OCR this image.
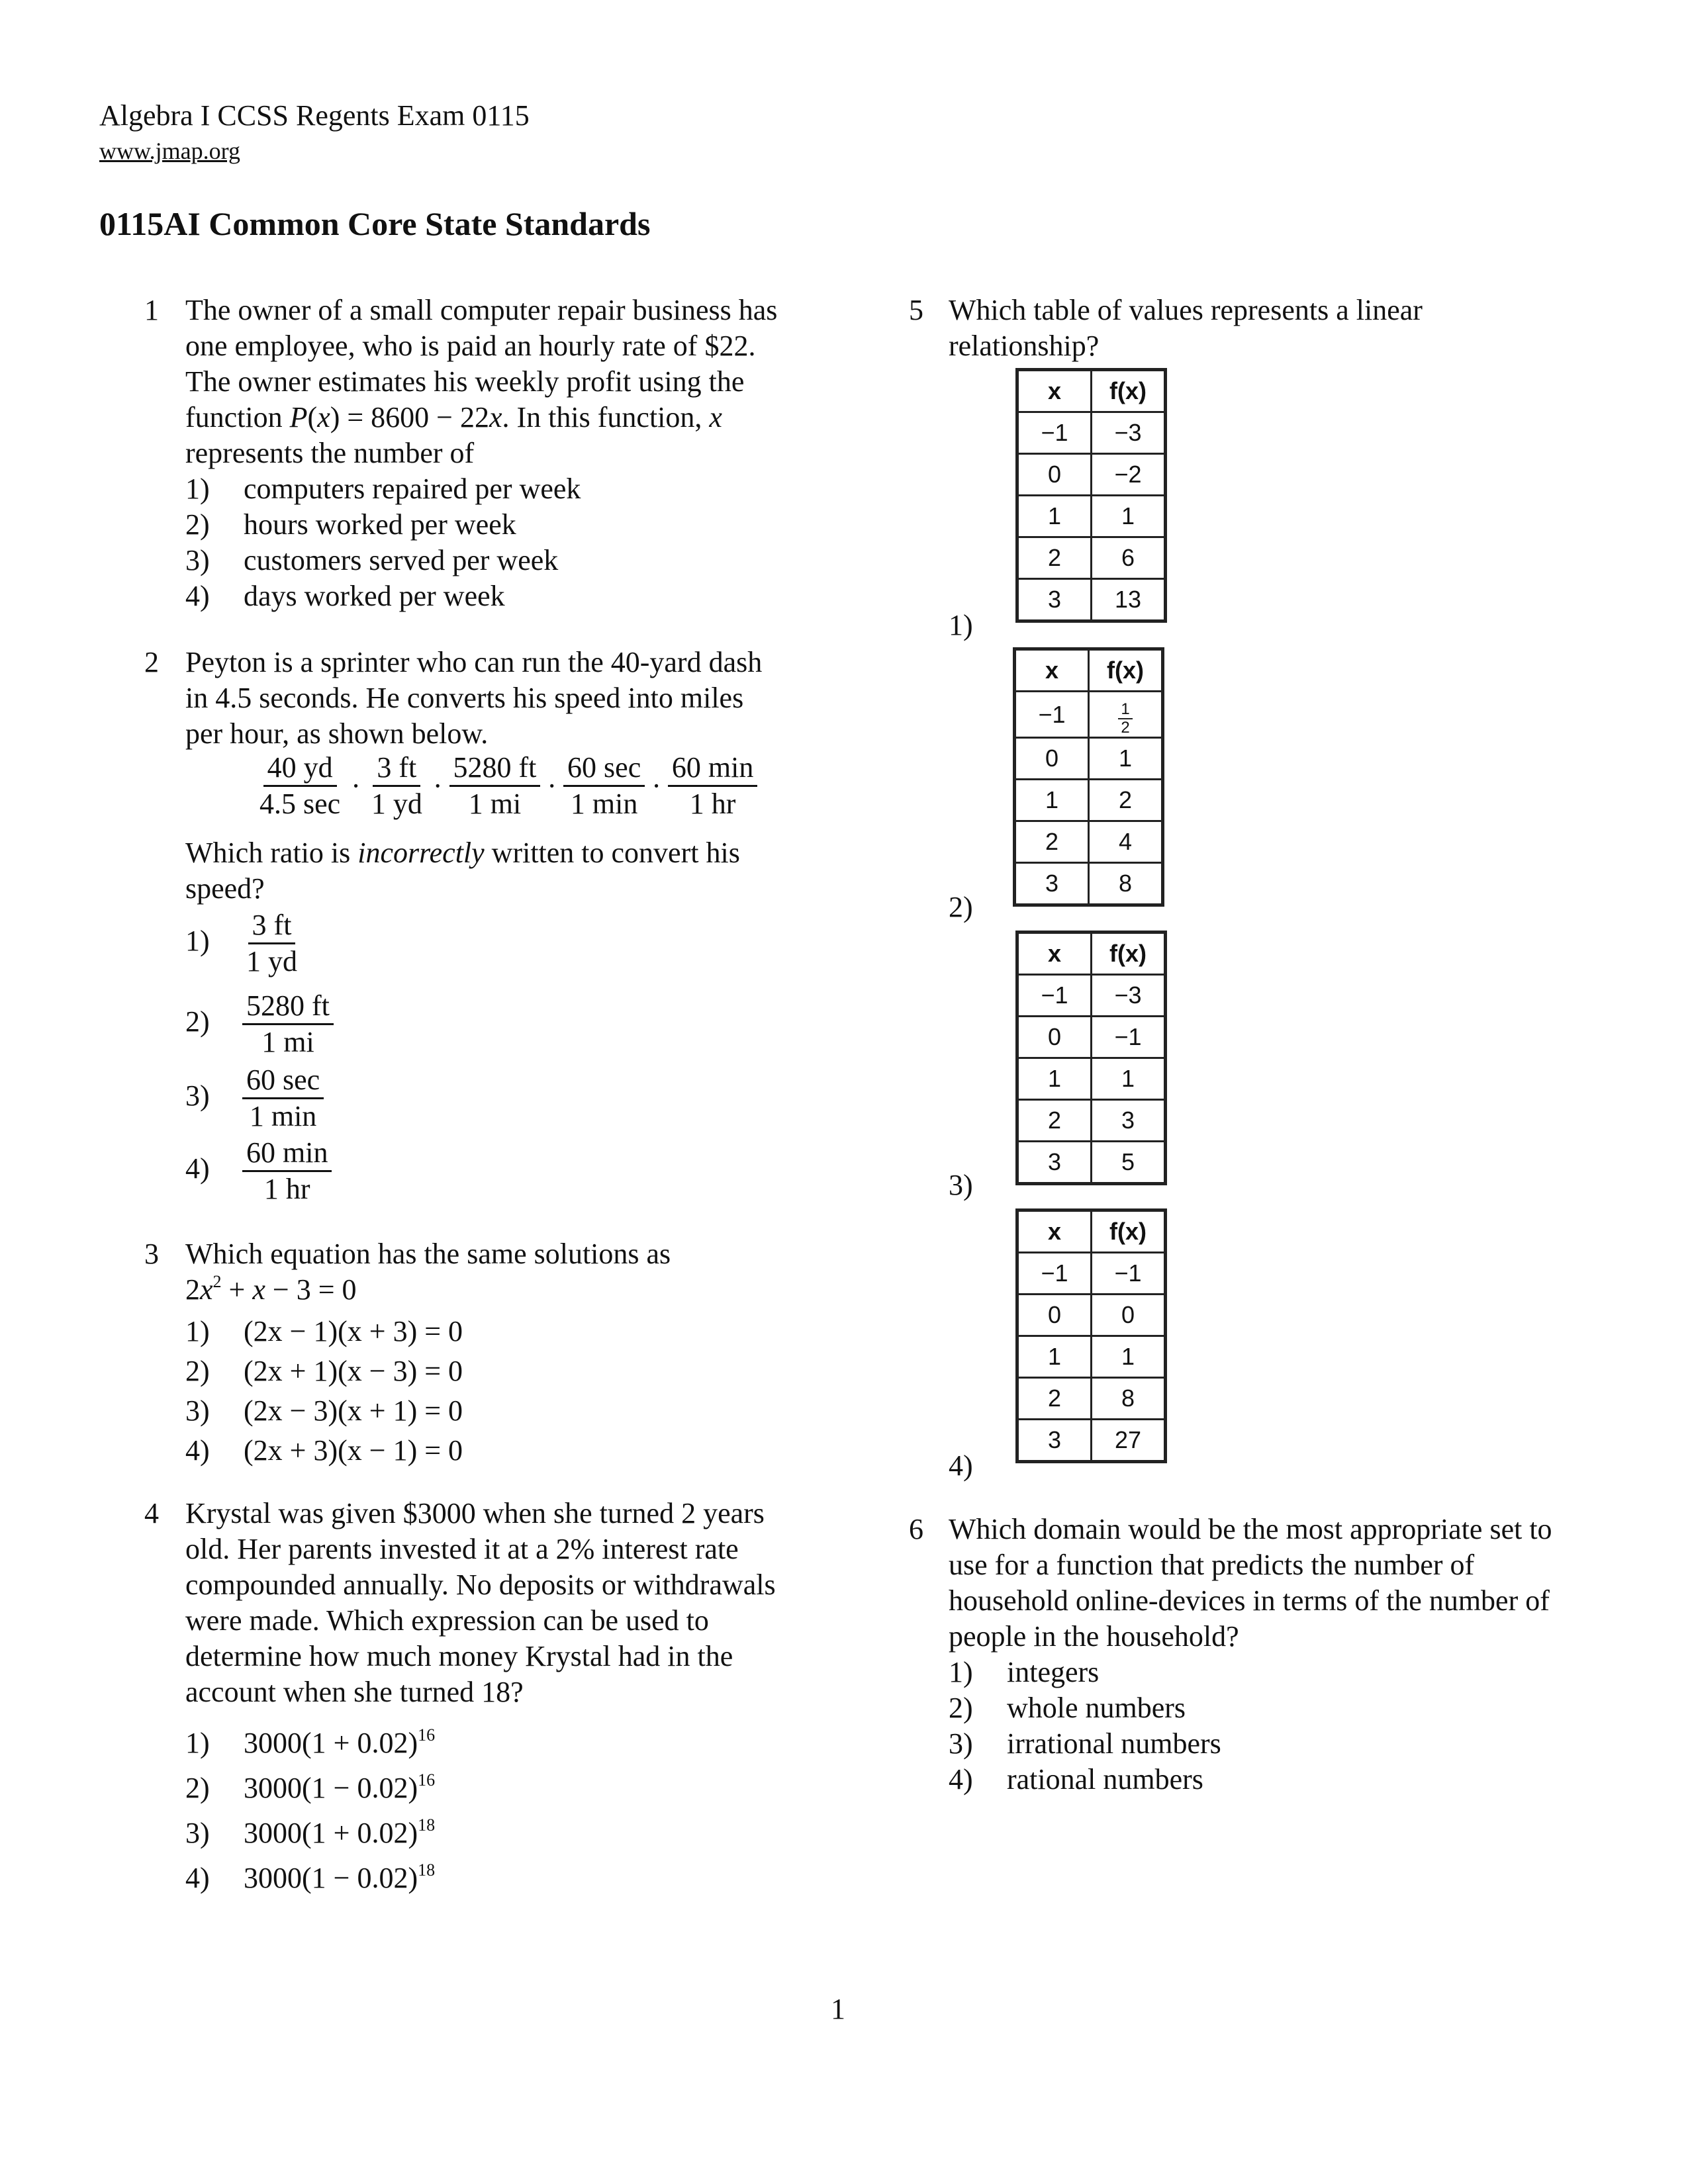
Algebra I CCSS Regents Exam 0115
www.jmap.org
0115AI Common Core State Standards
1 The owner of a small computer repair business has
one employee, who is paid an hourly rate of $22.
The owner estimates his weekly profit using the
function P(x) = 8600 − 22x. In this function, x
represents the number of
1) computers repaired per week
2) hours worked per week
3) customers served per week
4) days worked per week
2 Peyton is a sprinter who can run the 40-yard dash
in 4.5 seconds. He converts his speed into miles
per hour, as shown below.
$\frac{40 yd}{4.5 \sec} \cdot \frac{3 ft}{1 yd} \cdot \frac{5280 ft}{1 mi} \cdot \frac{60 \sec}{1 \min} \cdot \frac{60 \min}{1 hr}$
Which ratio is incorrectly written to convert his
speed?
$1) \frac{3 ft}{1 yd}$
$2) \frac{5280 ft}{1 mi}$
$3) \frac{60 \sec}{1 \min}$
$4) \frac{60 \min}{1 hr}$
3 Which equation has the same solutions as
$2x^2 + x - 3 = 0$
1) (2x − 1)(x + 3) = 0
2) (2x + 1)(x − 3) = 0
3) (2x − 3)(x + 1) = 0
4) (2x + 3)(x − 1) = 0
4 Krystal was given $3000 when she turned 2 years
old. Her parents invested it at a 2% interest rate
compounded annually. No deposits or withdrawals
were made. Which expression can be used to
determine how much money Krystal had in the
account when she turned 18?
1) $3000(1 + 0.02)^{16}$
2) $3000(1 - 0.02)^{16}$
3) $3000(1 + 0.02)^{18}$
4) $3000(1 - 0.02)^{18}$
5 Which table of values represents a linear
relationship?
1)
x	f(x)
−1	−3
0	−2
1	1
2	6
3	13
2)
x	f(x)
−1	$\frac{1}{2}$

0	1
1	2
2	4
3	8
3)
x	f(x)
−1	−3
0	−1
1	1
2	3
3	5
4)
x	f(x)
−1	−1
0	0
1	1
2	8
3	27
6 Which domain would be the most appropriate set to
use for a function that predicts the number of
household online-devices in terms of the number of
people in the household?
1) integers
2) whole numbers
3) irrational numbers
4) rational numbers
1
